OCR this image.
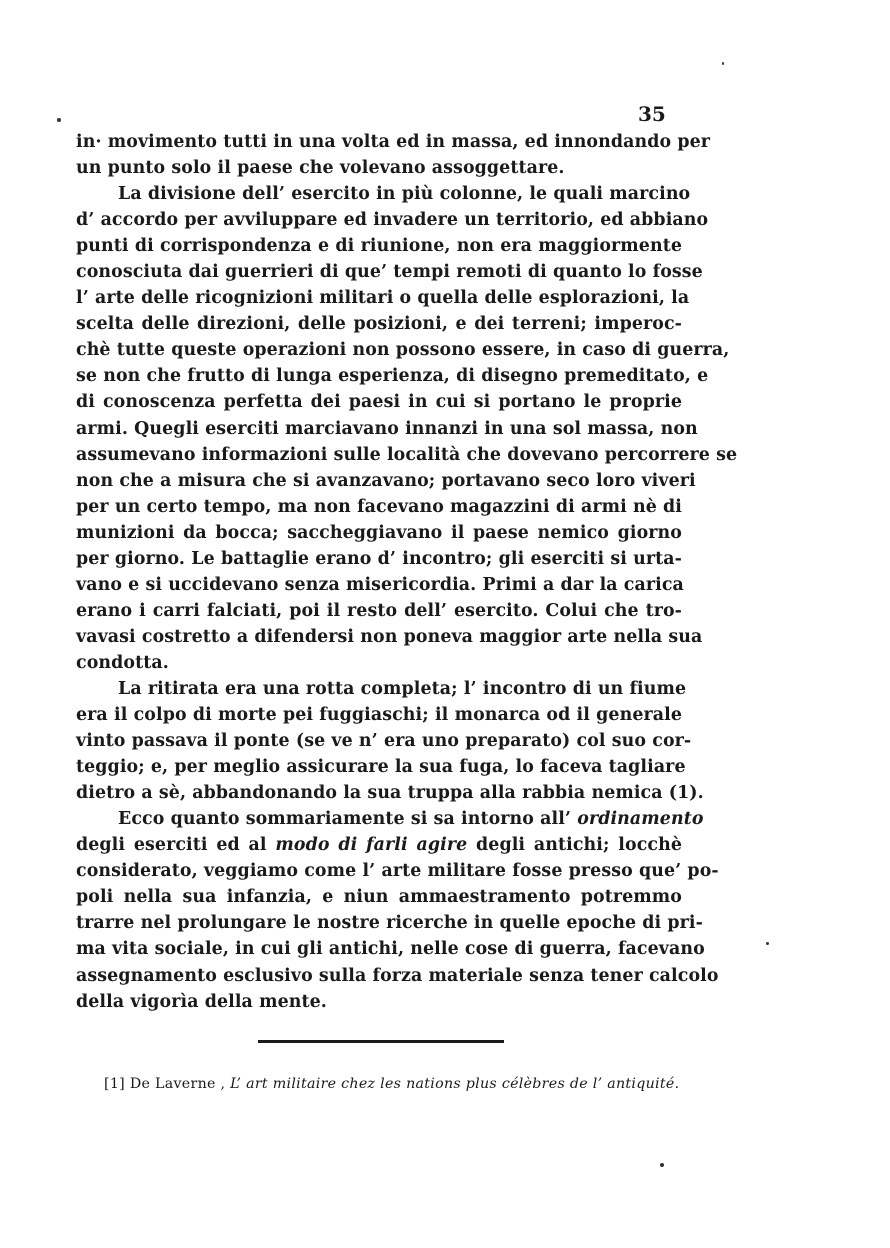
35
in· movimento tutti in una volta ed in massa, ed innondando per
un punto solo il paese che volevano assoggettare.
La divisione dell’ esercito in più colonne, le quali marcino
d’ accordo per avviluppare ed invadere un territorio, ed abbiano
punti di corrispondenza e di riunione, non era maggiormente
conosciuta dai guerrieri di que’ tempi remoti di quanto lo fosse
l’ arte delle ricognizioni militari o quella delle esplorazioni, la
scelta delle direzioni, delle posizioni, e dei terreni; imperoc-
chè tutte queste operazioni non possono essere, in caso di guerra,
se non che frutto di lunga esperienza, di disegno premeditato, e
di conoscenza perfetta dei paesi in cui si portano le proprie
armi. Quegli eserciti marciavano innanzi in una sol massa, non
assumevano informazioni sulle località che dovevano percorrere se
non che a misura che si avanzavano; portavano seco loro viveri
per un certo tempo, ma non facevano magazzini di armi nè di
munizioni da bocca; saccheggiavano il paese nemico giorno
per giorno. Le battaglie erano d’ incontro; gli eserciti si urta-
vano e si uccidevano senza misericordia. Primi a dar la carica
erano i carri falciati, poi il resto dell’ esercito. Colui che tro-
vavasi costretto a difendersi non poneva maggior arte nella sua
condotta.
La ritirata era una rotta completa; l’ incontro di un fiume
era il colpo di morte pei fuggiaschi; il monarca od il generale
vinto passava il ponte (se ve n’ era uno preparato) col suo cor-
teggio; e, per meglio assicurare la sua fuga, lo faceva tagliare
dietro a sè, abbandonando la sua truppa alla rabbia nemica (1).
Ecco quanto sommariamente si sa intorno all’ ordinamento
degli eserciti ed al modo di farli agire degli antichi; locchè
considerato, veggiamo come l’ arte militare fosse presso que’ po-
poli nella sua infanzia, e niun ammaestramento potremmo
trarre nel prolungare le nostre ricerche in quelle epoche di pri-
ma vita sociale, in cui gli antichi, nelle cose di guerra, facevano
assegnamento esclusivo sulla forza materiale senza tener calcolo
della vigorìa della mente.
[1] De Laverne , L’ art militaire chez les nations plus célèbres de l’ antiquité.
